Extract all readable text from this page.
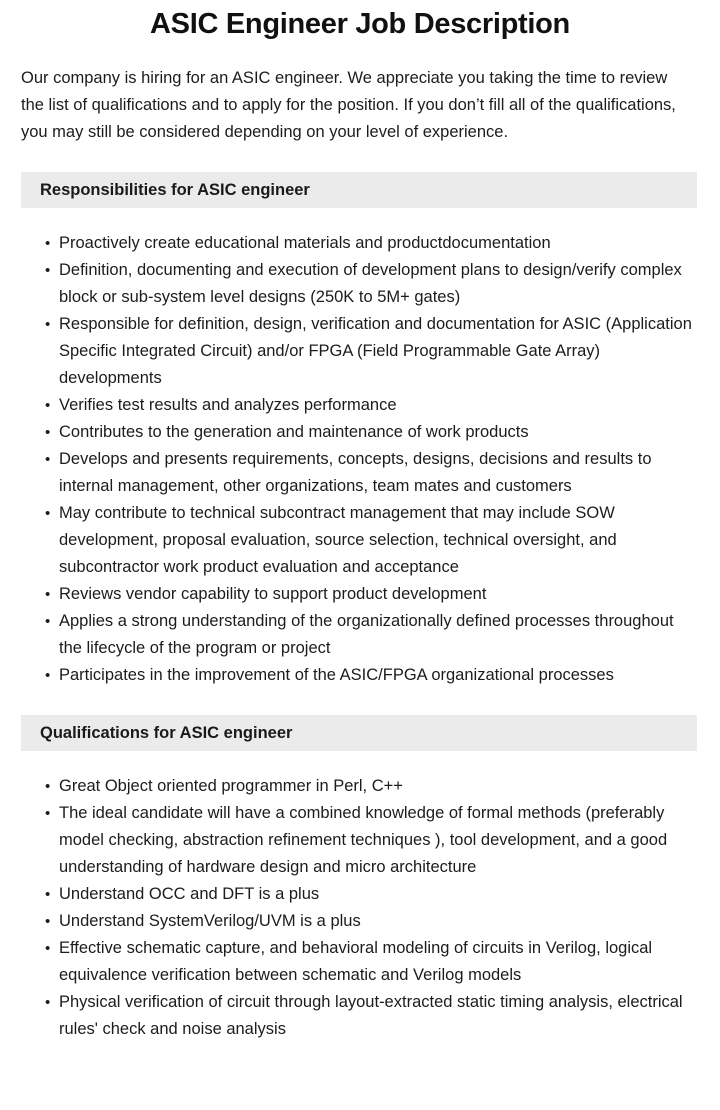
ASIC Engineer Job Description

Our company is hiring for an ASIC engineer. We appreciate you taking the time to review the list of qualifications and to apply for the position. If you don’t fill all of the qualifications, you may still be considered depending on your level of experience.

Responsibilities for ASIC engineer
• Proactively create educational materials and productdocumentation
• Definition, documenting and execution of development plans to design/verify complex block or sub-system level designs (250K to 5M+ gates)
• Responsible for definition, design, verification and documentation for ASIC (Application Specific Integrated Circuit) and/or FPGA (Field Programmable Gate Array) developments
• Verifies test results and analyzes performance
• Contributes to the generation and maintenance of work products
• Develops and presents requirements, concepts, designs, decisions and results to internal management, other organizations, team mates and customers
• May contribute to technical subcontract management that may include SOW development, proposal evaluation, source selection, technical oversight, and subcontractor work product evaluation and acceptance
• Reviews vendor capability to support product development
• Applies a strong understanding of the organizationally defined processes throughout the lifecycle of the program or project
• Participates in the improvement of the ASIC/FPGA organizational processes
Qualifications for ASIC engineer
• Great Object oriented programmer in Perl, C++
• The ideal candidate will have a combined knowledge of formal methods (preferably model checking, abstraction refinement techniques ), tool development, and a good understanding of hardware design and micro architecture
• Understand OCC and DFT is a plus
• Understand SystemVerilog/UVM is a plus
• Effective schematic capture, and behavioral modeling of circuits in Verilog, logical equivalence verification between schematic and Verilog models
• Physical verification of circuit through layout-extracted static timing analysis, electrical rules' check and noise analysis
